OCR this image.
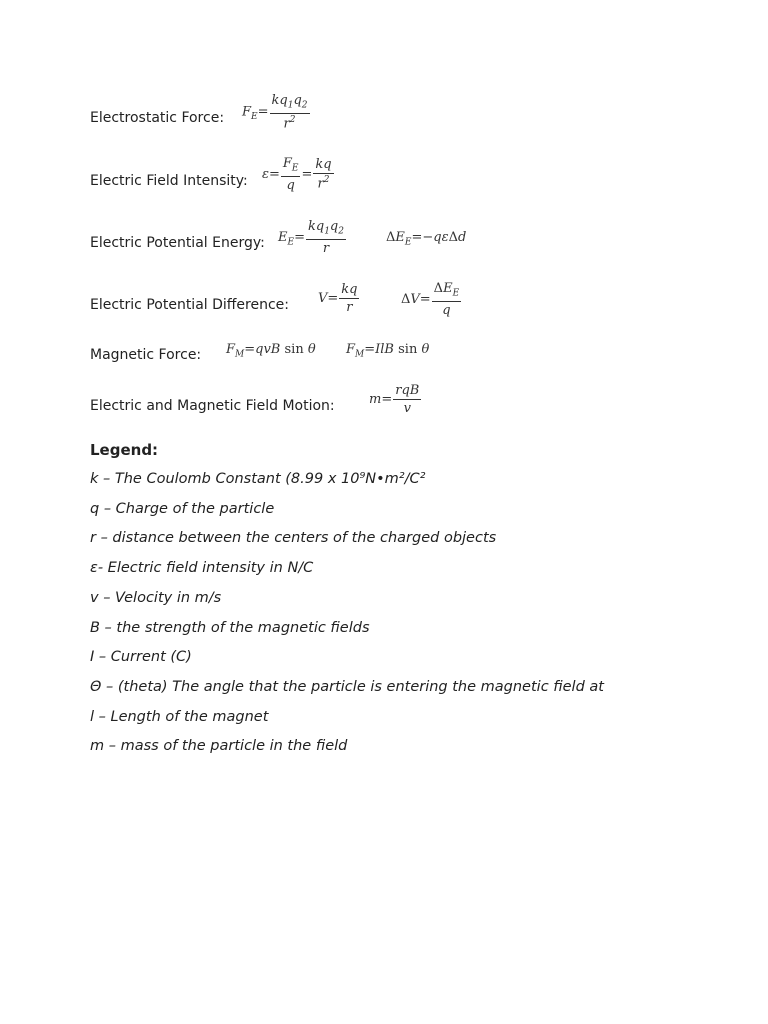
Electrostatic Force:
Electric Field Intensity:
Electric Potential Energy:
Electric Potential Difference:
Magnetic Force:
Electric and Magnetic Field Motion:
$F_E= \frac{kq_1q_2}{r^2}$
$\varepsilon= \frac{F_E}{q} = \frac{kq}{r^2}$
$E_E= \frac{kq_1q_2}{r}$	$\Delta E_E=-q\varepsilon\Delta d$
$V= \frac{kq}{r}$	$\Delta V= \frac{\Delta E_E}{q}$
$F_M=qvB$ sin θ $F_M=IlB$ sin θ
$m= \frac{\text{rqB}}{v}$
Legend:
k – The Coulomb Constant (8.99 x 10⁹N•m²/C²
q – Charge of the particle
r – distance between the centers of the charged objects
ε- Electric field intensity in N/C
v – Velocity in m/s
B – the strength of the magnetic fields
I – Current (C)
Θ – (theta) The angle that the particle is entering the magnetic field at
l – Length of the magnet
m – mass of the particle in the field
